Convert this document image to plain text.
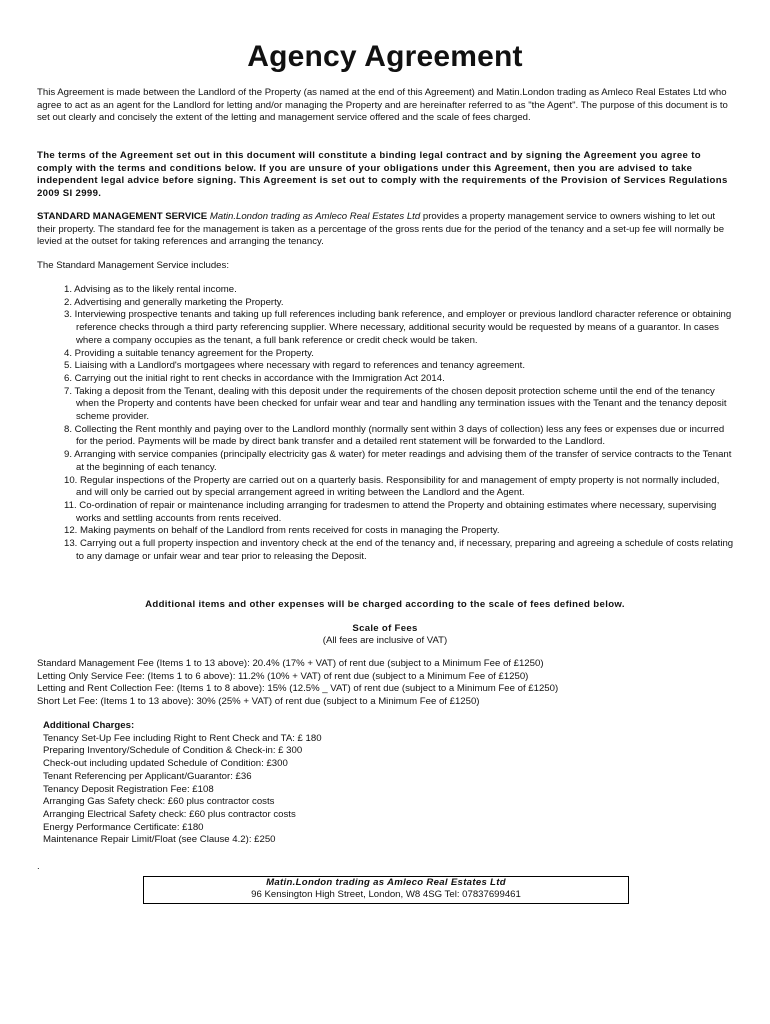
Agency Agreement

This Agreement is made between the Landlord of the Property (as named at the end of this Agreement) and Matin.London trading as Amleco Real Estates Ltd who agree to act as an agent for the Landlord for letting and/or managing the Property and are hereinafter referred to as "the Agent". The purpose of this document is to set out clearly and concisely the extent of the letting and management service offered and the scale of fees charged.

The terms of the Agreement set out in this document will constitute a binding legal contract and by signing the Agreement you agree to comply with the terms and conditions below. If you are unsure of your obligations under this Agreement, then you are advised to take independent legal advice before signing. This Agreement is set out to comply with the requirements of the Provision of Services Regulations 2009 SI 2999.

STANDARD MANAGEMENT SERVICE Matin.London trading as Amleco Real Estates Ltd provides a property management service to owners wishing to let out their property. The standard fee for the management is taken as a percentage of the gross rents due for the period of the tenancy and a set-up fee will normally be levied at the outset for taking references and arranging the tenancy.

The Standard Management Service includes:

1. Advising as to the likely rental income.
2. Advertising and generally marketing the Property.
3. Interviewing prospective tenants and taking up full references including bank reference, and employer or previous landlord character reference or obtaining reference checks through a third party referencing supplier. Where necessary, additional security would be requested by means of a guarantor. In cases where a company occupies as the tenant, a full bank reference or credit check would be taken.
4. Providing a suitable tenancy agreement for the Property.
5. Liaising with a Landlord's mortgagees where necessary with regard to references and tenancy agreement.
6. Carrying out the initial right to rent checks in accordance with the Immigration Act 2014.
7. Taking a deposit from the Tenant, dealing with this deposit under the requirements of the chosen deposit protection scheme until the end of the tenancy when the Property and contents have been checked for unfair wear and tear and handling any termination issues with the Tenant and the tenancy deposit scheme provider.
8. Collecting the Rent monthly and paying over to the Landlord monthly (normally sent within 3 days of collection) less any fees or expenses due or incurred for the period. Payments will be made by direct bank transfer and a detailed rent statement will be forwarded to the Landlord.
9. Arranging with service companies (principally electricity gas & water) for meter readings and advising them of the transfer of service contracts to the Tenant at the beginning of each tenancy.
10. Regular inspections of the Property are carried out on a quarterly basis. Responsibility for and management of empty property is not normally included, and will only be carried out by special arrangement agreed in writing between the Landlord and the Agent.
11. Co-ordination of repair or maintenance including arranging for tradesmen to attend the Property and obtaining estimates where necessary, supervising works and settling accounts from rents received.
12. Making payments on behalf of the Landlord from rents received for costs in managing the Property.
13. Carrying out a full property inspection and inventory check at the end of the tenancy and, if necessary, preparing and agreeing a schedule of costs relating to any damage or unfair wear and tear prior to releasing the Deposit.

Additional items and other expenses will be charged according to the scale of fees defined below.

Scale of Fees

(All fees are inclusive of VAT)

Standard Management Fee (Items 1 to 13 above): 20.4% (17% + VAT) of rent due (subject to a Minimum Fee of £1250)
Letting Only Service Fee: (Items 1 to 6 above): 11.2% (10% + VAT) of rent due (subject to a Minimum Fee of £1250)
Letting and Rent Collection Fee: (Items 1 to 8 above): 15% (12.5% _ VAT) of rent due (subject to a Minimum Fee of £1250)
Short Let Fee: (Items 1 to 13 above): 30% (25% + VAT) of rent due (subject to a Minimum Fee of £1250)
Additional Charges:
Tenancy Set-Up Fee including Right to Rent Check and TA: £ 180
Preparing Inventory/Schedule of Condition & Check-in: £ 300
Check-out including updated Schedule of Condition: £300
Tenant Referencing per Applicant/Guarantor: £36
Tenancy Deposit Registration Fee: £108
Arranging Gas Safety check: £60 plus contractor costs
Arranging Electrical Safety check: £60 plus contractor costs
Energy Performance Certificate: £180
Maintenance Repair Limit/Float (see Clause 4.2): £250
.
Matin.London trading as Amleco Real Estates Ltd
96 Kensington High Street, London, W8 4SG Tel: 07837699461
